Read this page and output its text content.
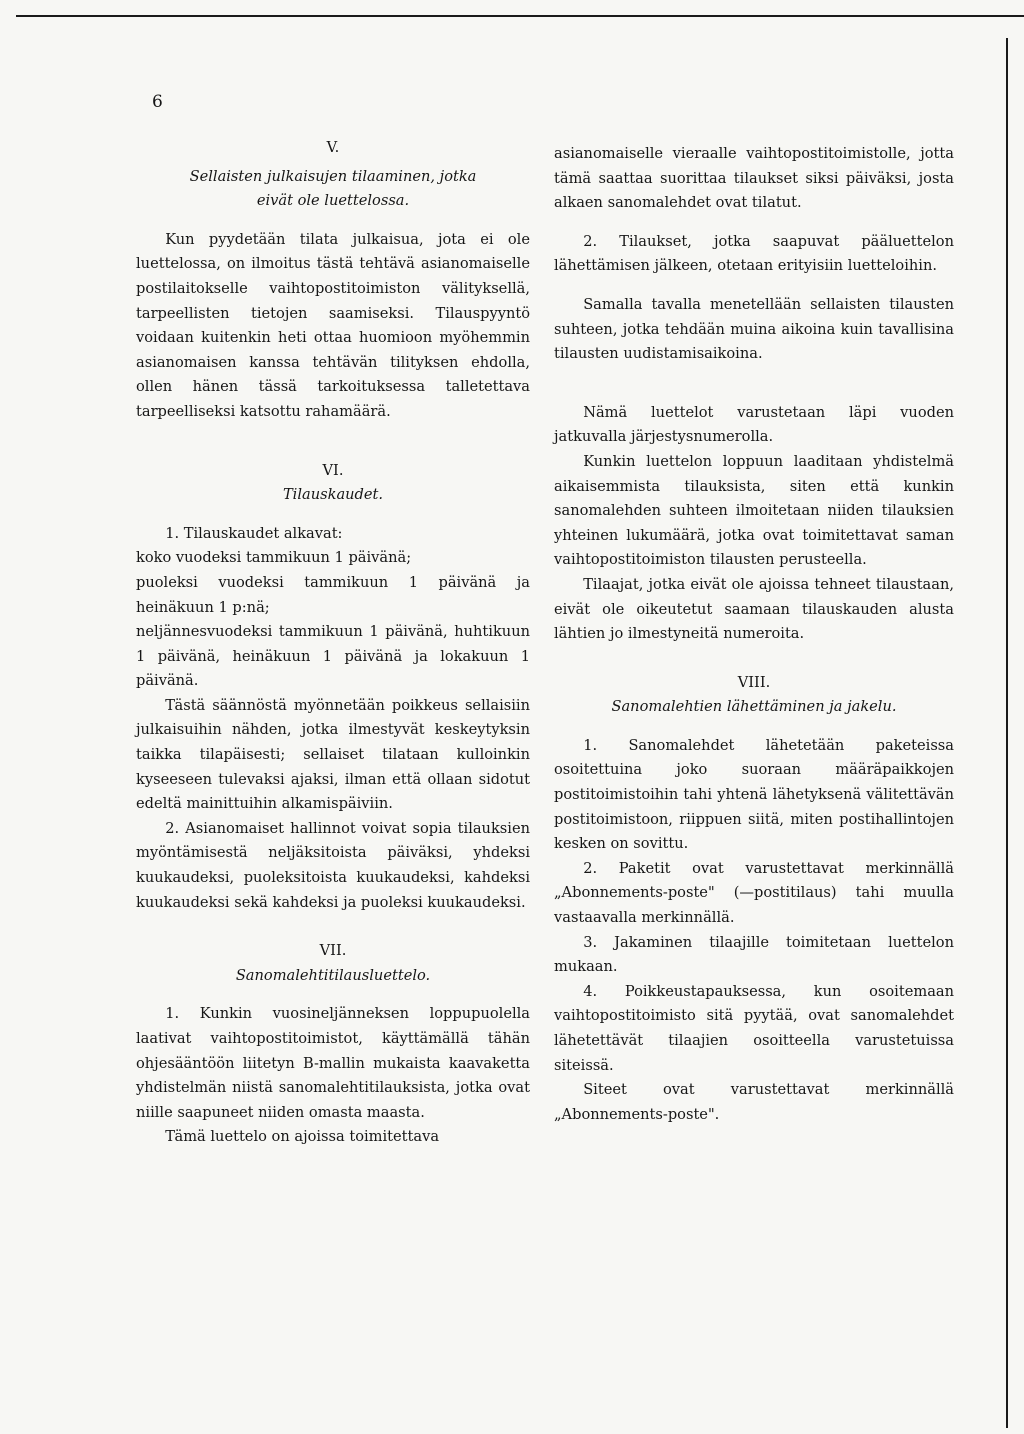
6

V.

Sellaisten julkaisujen tilaaminen, jotka eivät ole luettelossa.

Kun pyydetään tilata julkaisua, jota ei ole luettelossa, on ilmoitus tästä tehtävä asianomaiselle postilaitokselle vaihtopostitoimiston välityksellä, tarpeellisten tietojen saamiseksi. Tilauspyyntö voidaan kuitenkin heti ottaa huomioon myöhemmin asianomaisen kanssa tehtävän tilityksen ehdolla, ollen hänen tässä tarkoituksessa talletettava tarpeelliseksi katsottu rahamäärä.

VI.

Tilauskaudet.

1. Tilauskaudet alkavat:

koko vuodeksi tammikuun 1 päivänä;

puoleksi vuodeksi tammikuun 1 päivänä ja heinäkuun 1 p:nä;

neljännesvuodeksi tammikuun 1 päivänä, huhtikuun 1 päivänä, heinäkuun 1 päivänä ja lokakuun 1 päivänä.

Tästä säännöstä myönnetään poikkeus sellaisiin julkaisuihin nähden, jotka ilmestyvät keskeytyksin taikka tilapäisesti; sellaiset tilataan kulloinkin kyseeseen tulevaksi ajaksi, ilman että ollaan sidotut edeltä mainittuihin alkamispäiviin.

2. Asianomaiset hallinnot voivat sopia tilauksien myöntämisestä neljäksitoista päiväksi, yhdeksi kuukaudeksi, puoleksitoista kuukaudeksi, kahdeksi kuukaudeksi sekä kahdeksi ja puoleksi kuukaudeksi.

VII.

Sanomalehtitilausluettelo.

1. Kunkin vuosineljänneksen loppupuolella laativat vaihtopostitoimistot, käyttämällä tähän ohjesääntöön liitetyn B-mallin mukaista kaavaketta yhdistelmän niistä sanomalehtitilauksista, jotka ovat niille saapuneet niiden omasta maasta.

Tämä luettelo on ajoissa toimitettava

asianomaiselle vieraalle vaihtopostitoimistolle, jotta tämä saattaa suorittaa tilaukset siksi päiväksi, josta alkaen sanomalehdet ovat tilatut.

2. Tilaukset, jotka saapuvat pääluettelon lähettämisen jälkeen, otetaan erityisiin luetteloihin.

Samalla tavalla menetellään sellaisten tilausten suhteen, jotka tehdään muina aikoina kuin tavallisina tilausten uudistamisaikoina.

Nämä luettelot varustetaan läpi vuoden jatkuvalla järjestysnumerolla.

Kunkin luettelon loppuun laaditaan yhdistelmä aikaisemmista tilauksista, siten että kunkin sanomalehden suhteen ilmoitetaan niiden tilauksien yhteinen lukumäärä, jotka ovat toimitettavat saman vaihtopostitoimiston tilausten perusteella.

Tilaajat, jotka eivät ole ajoissa tehneet tilaustaan, eivät ole oikeutetut saamaan tilauskauden alusta lähtien jo ilmestyneitä numeroita.

VIII.

Sanomalehtien lähettäminen ja jakelu.

1. Sanomalehdet lähetetään paketeissa osoitettuina joko suoraan määräpaikkojen postitoimistoihin tahi yhtenä lähetyksenä välitettävän postitoimistoon, riippuen siitä, miten postihallintojen kesken on sovittu.

2. Paketit ovat varustettavat merkinnällä „Abonnements-poste" (—postitilaus) tahi muulla vastaavalla merkinnällä.

3. Jakaminen tilaajille toimitetaan luettelon mukaan.

4. Poikkeustapauksessa, kun osoitemaan vaihtopostitoimisto sitä pyytää, ovat sanomalehdet lähetettävät tilaajien osoitteella varustetuissa siteissä.

Siteet ovat varustettavat merkinnällä „Abonnements-poste".
